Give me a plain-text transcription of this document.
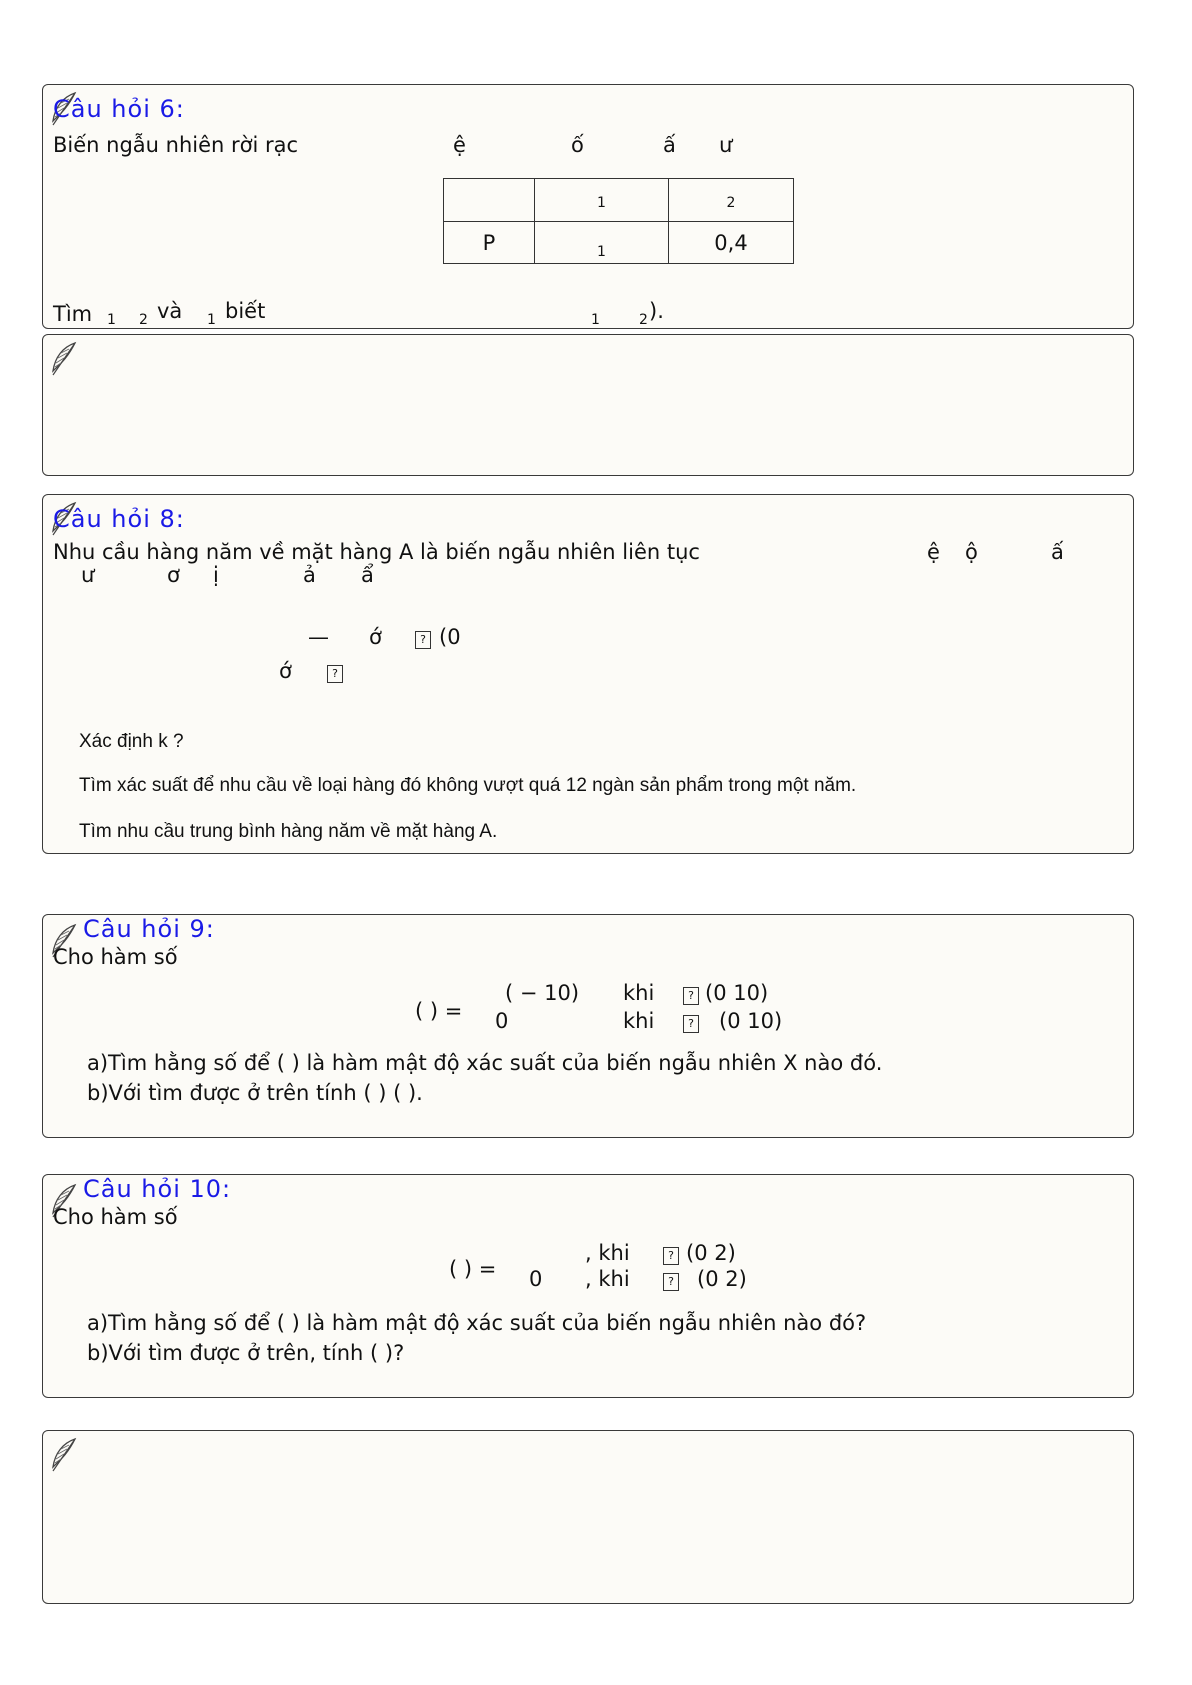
Câu hỏi 6:
Biến ngẫu nhiên rời rạc	ệ	ố	ấ ư
	1	2
P	$_1$	0,4
Tìm 1 2 và 1 biết	1	2 ).
Câu hỏi 8:
Nhu cầu hàng năm về mặt hàng A là biến ngẫu nhiên liên tục	ệ ộ	ấ
ư	ơ ị	ả ẩ
— ớ	? (0
ớ	?
Xác định k ?
Tìm xác suất để nhu cầu về loại hàng đó không vượt quá 12 ngàn sản phẩm trong một năm.
Tìm nhu cầu trung bình hàng năm về mặt hàng A.
Câu hỏi 9:
Cho hàm số
( ) =
( − 10) khi	? (0 10)
0	khi	? (0 10)
a)Tìm hằng số để ( ) là hàm mật độ xác suất của biến ngẫu nhiên X nào đó.
b)Với tìm được ở trên tính ( ) ( ).
Câu hỏi 10:
Cho hàm số
( ) =
, khi	? (0 2)
0 , khi	? (0 2)
a)Tìm hằng số để ( ) là hàm mật độ xác suất của biến ngẫu nhiên nào đó?
b)Với tìm được ở trên, tính ( )?
